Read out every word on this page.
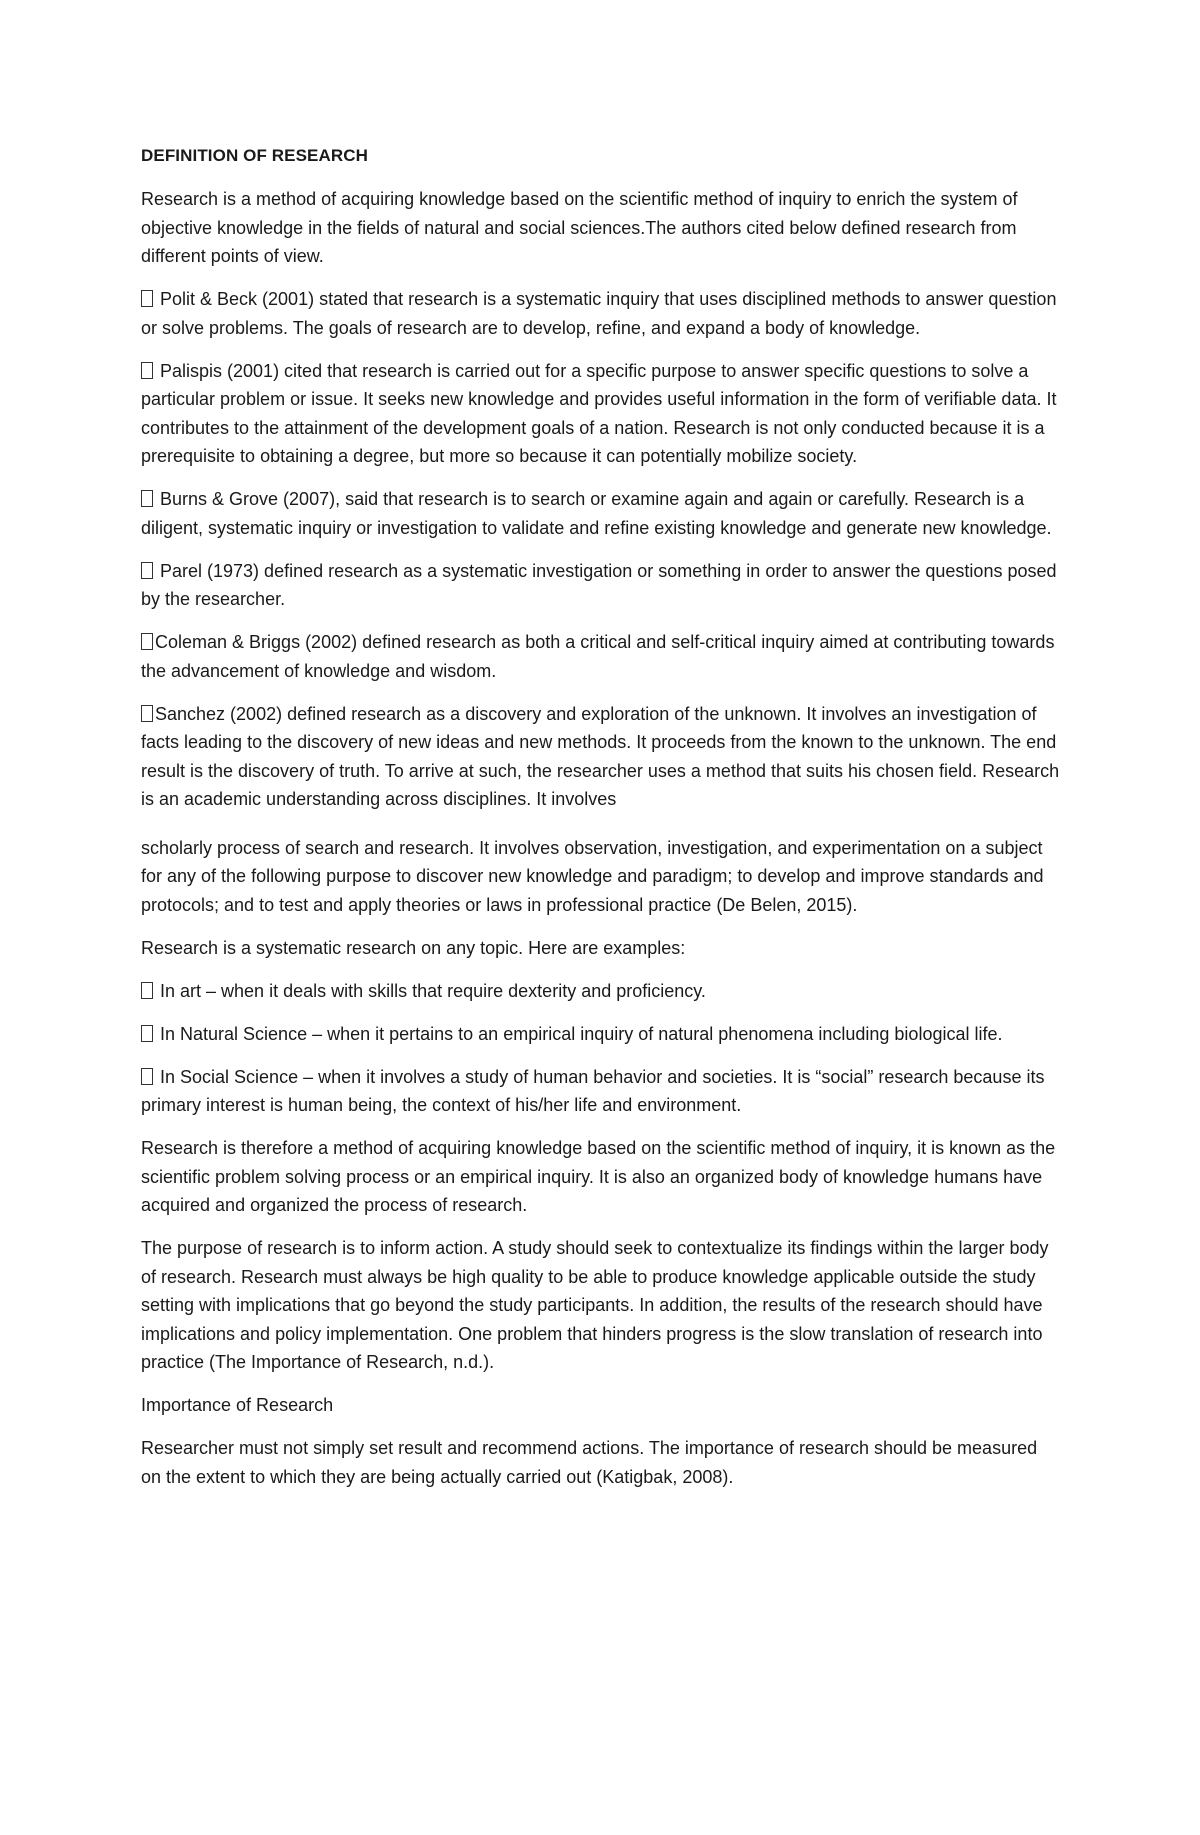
DEFINITION OF RESEARCH

Research is a method of acquiring knowledge based on the scientific method of inquiry to enrich the system of objective knowledge in the fields of natural and social sciences.The authors cited below defined research from different points of view.

Polit & Beck (2001) stated that research is a systematic inquiry that uses disciplined methods to answer question or solve problems. The goals of research are to develop, refine, and expand a body of knowledge.

Palispis (2001) cited that research is carried out for a specific purpose to answer specific questions to solve a particular problem or issue. It seeks new knowledge and provides useful information in the form of verifiable data. It contributes to the attainment of the development goals of a nation. Research is not only conducted because it is a prerequisite to obtaining a degree, but more so because it can potentially mobilize society.

Burns & Grove (2007), said that research is to search or examine again and again or carefully. Research is a diligent, systematic inquiry or investigation to validate and refine existing knowledge and generate new knowledge.

Parel (1973) defined research as a systematic investigation or something in order to answer the questions posed by the researcher.

Coleman & Briggs (2002) defined research as both a critical and self-critical inquiry aimed at contributing towards the advancement of knowledge and wisdom.

Sanchez (2002) defined research as a discovery and exploration of the unknown. It involves an investigation of facts leading to the discovery of new ideas and new methods. It proceeds from the known to the unknown. The end result is the discovery of truth. To arrive at such, the researcher uses a method that suits his chosen field. Research is an academic understanding across disciplines. It involves

scholarly process of search and research. It involves observation, investigation, and experimentation on a subject for any of the following purpose to discover new knowledge and paradigm; to develop and improve standards and protocols; and to test and apply theories or laws in professional practice (De Belen, 2015).

Research is a systematic research on any topic. Here are examples:

In art – when it deals with skills that require dexterity and proficiency.

In Natural Science – when it pertains to an empirical inquiry of natural phenomena including biological life.

In Social Science – when it involves a study of human behavior and societies. It is “social” research because its primary interest is human being, the context of his/her life and environment.

Research is therefore a method of acquiring knowledge based on the scientific method of inquiry, it is known as the scientific problem solving process or an empirical inquiry. It is also an organized body of knowledge humans have acquired and organized the process of research.

The purpose of research is to inform action. A study should seek to contextualize its findings within the larger body of research. Research must always be high quality to be able to produce knowledge applicable outside the study setting with implications that go beyond the study participants. In addition, the results of the research should have implications and policy implementation. One problem that hinders progress is the slow translation of research into practice (The Importance of Research, n.d.).

Importance of Research

Researcher must not simply set result and recommend actions. The importance of research should be measured on the extent to which they are being actually carried out (Katigbak, 2008).
